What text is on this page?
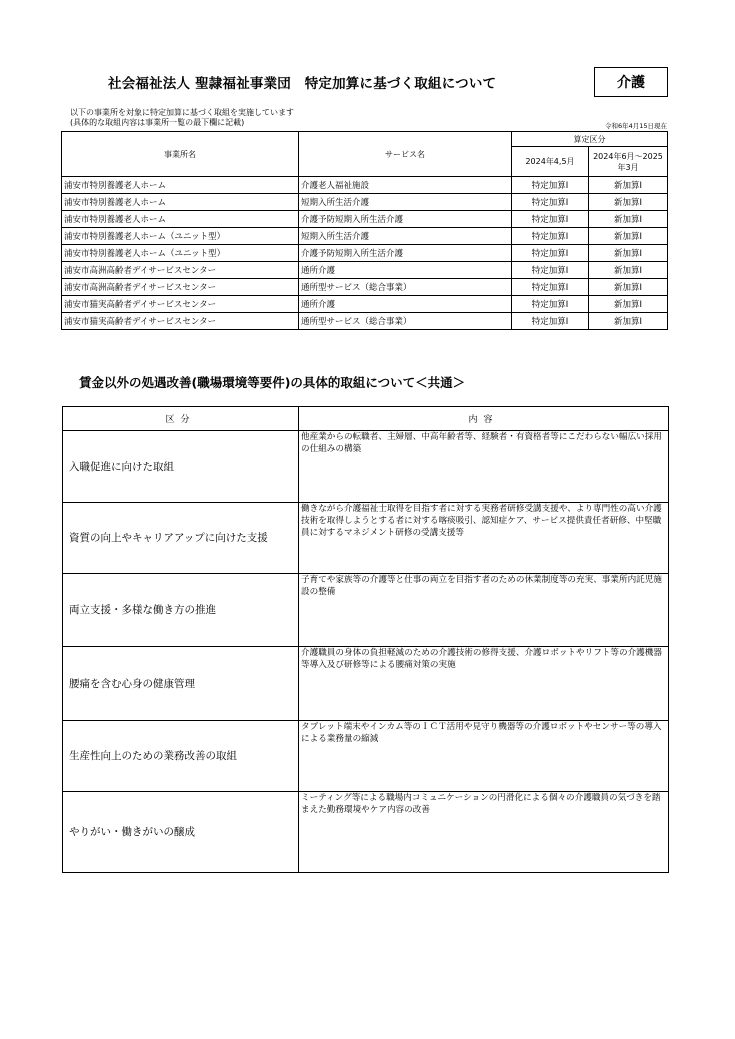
社会福祉法人 聖隷福祉事業団　特定加算に基づく取組について	介護
以下の事業所を対象に特定加算に基づく取組を実施しています
(具体的な取組内容は事業所一覧の最下欄に記載)	令和6年4月15日現在
事業所名	サービス名	算定区分	
		2024年4,5月	2024年6月～2025年3月
浦安市特別養護老人ホーム	介護老人福祉施設	特定加算Ⅰ	新加算Ⅰ
浦安市特別養護老人ホーム	短期入所生活介護	特定加算Ⅰ	新加算Ⅰ
浦安市特別養護老人ホーム	介護予防短期入所生活介護	特定加算Ⅰ	新加算Ⅰ
浦安市特別養護老人ホーム（ユニット型）	短期入所生活介護	特定加算Ⅰ	新加算Ⅰ
浦安市特別養護老人ホーム（ユニット型）	介護予防短期入所生活介護	特定加算Ⅰ	新加算Ⅰ
浦安市高洲高齢者デイサービスセンター	通所介護	特定加算Ⅰ	新加算Ⅰ
浦安市高洲高齢者デイサービスセンター	通所型サービス（総合事業）	特定加算Ⅰ	新加算Ⅰ
浦安市猫実高齢者デイサービスセンター	通所介護	特定加算Ⅰ	新加算Ⅰ
浦安市猫実高齢者デイサービスセンター	通所型サービス（総合事業）	特定加算Ⅰ	新加算Ⅰ
賃金以外の処遇改善(職場環境等要件)の具体的取組について＜共通＞
区分	内容
入職促進に向けた取組	他産業からの転職者、主婦層、中高年齢者等、経験者・有資格者等にこだわらない幅広い採用の仕組みの構築
資質の向上やキャリアアップに向けた支援	働きながら介護福祉士取得を目指す者に対する実務者研修受講支援や、より専門性の高い介護技術を取得しようとする者に対する喀痰吸引、認知症ケア、サービス提供責任者研修、中堅職員に対するマネジメント研修の受講支援等
両立支援・多様な働き方の推進	子育てや家族等の介護等と仕事の両立を目指す者のための休業制度等の充実、事業所内託児施設の整備
腰痛を含む心身の健康管理	介護職員の身体の負担軽減のための介護技術の修得支援、介護ロボットやリフト等の介護機器等導入及び研修等による腰痛対策の実施
生産性向上のための業務改善の取組	タブレット端末やインカム等のＩＣＴ活用や見守り機器等の介護ロボットやセンサー等の導入による業務量の縮減
やりがい・働きがいの醸成	ミーティング等による職場内コミュニケーションの円滑化による個々の介護職員の気づきを踏まえた勤務環境やケア内容の改善
